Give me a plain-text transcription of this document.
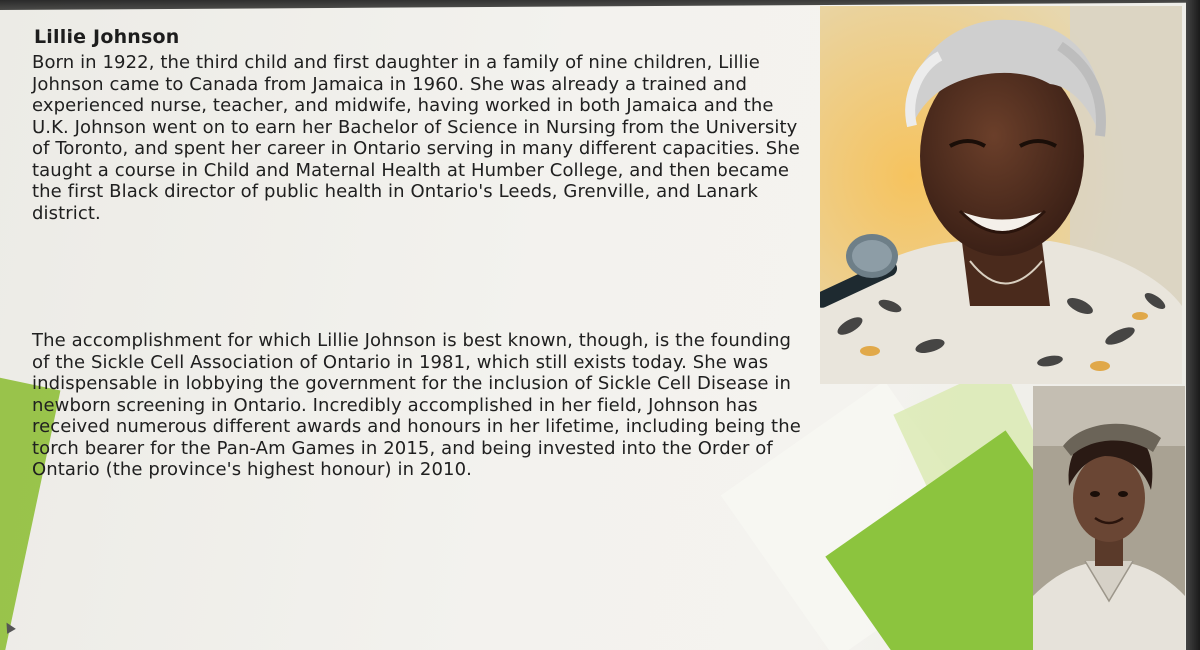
Lillie Johnson

Born in 1922, the third child and first daughter in a family of nine children, Lillie Johnson came to Canada from Jamaica in 1960. She was already a trained and experienced nurse, teacher, and midwife, having worked in both Jamaica and the U.K. Johnson went on to earn her Bachelor of Science in Nursing from the University of Toronto, and spent her career in Ontario serving in many different capacities. She taught a course in Child and Maternal Health at Humber College, and then became the first Black director of public health in Ontario's Leeds, Grenville, and Lanark district.

The accomplishment for which Lillie Johnson is best known, though, is the founding of the Sickle Cell Association of Ontario in 1981, which still exists today. She was indispensable in lobbying the government for the inclusion of Sickle Cell Disease in newborn screening in Ontario. Incredibly accomplished in her field, Johnson has received numerous different awards and honours in her lifetime, including being the torch bearer for the Pan-Am Games in 2015, and being invested into the Order of Ontario (the province's highest honour) in 2010.
